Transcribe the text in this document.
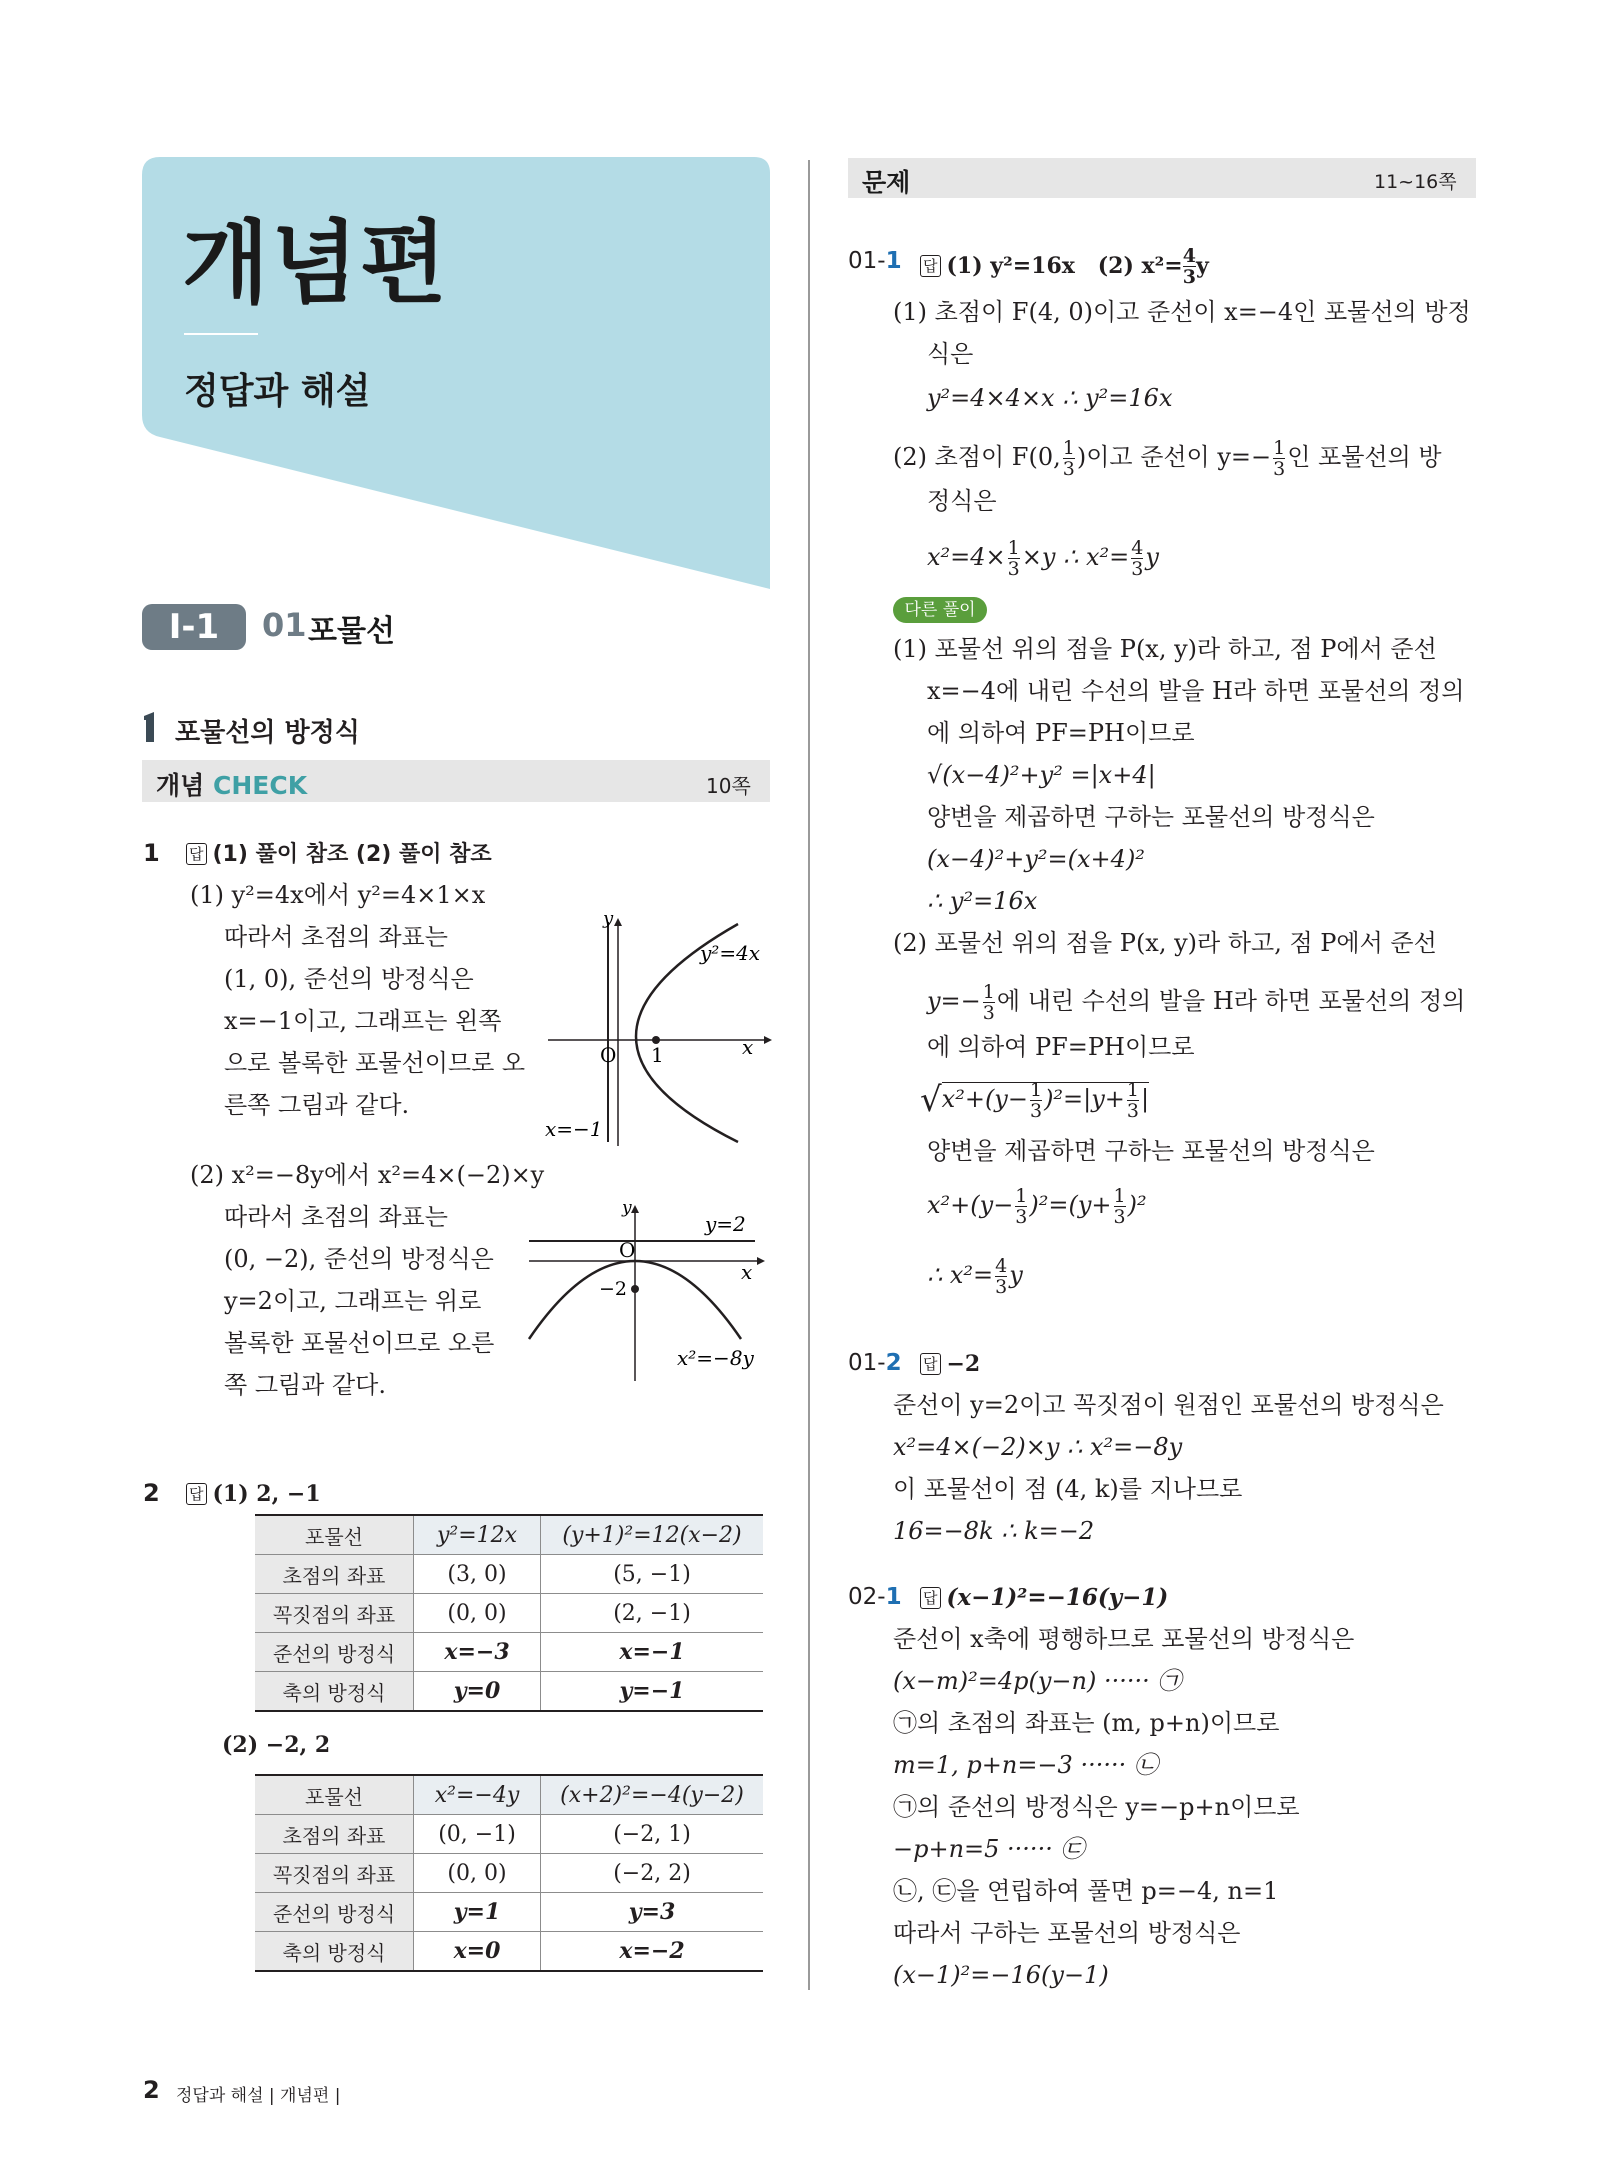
개념편
정답과 해설
Ⅰ-1	01 포물선
포물선의 방정식
개념 CHECK	10쪽
1 답 (1) 풀이 참조 (2) 풀이 참조
(1) y²=4x에서 y²=4×1×x
따라서 초점의 좌표는
(1, 0), 준선의 방정식은
x=−1이고, 그래프는 왼쪽
으로 볼록한 포물선이므로 오
른쪽 그림과 같다.
y
x
O 1
y²=4x
x=−1
(2) x²=−8y에서 x²=4×(−2)×y
따라서 초점의 좌표는
(0, −2), 준선의 방정식은
y=2이고, 그래프는 위로
볼록한 포물선이므로 오른
쪽 그림과 같다.
y
x
O
−2
y=2
x²=−8y
2 답 (1) 2, −1
포물선	y²=12x	(y+1)²=12(x−2)
초점의 좌표	(3, 0)	(5, −1)
꼭짓점의 좌표	(0, 0)	(2, −1)
준선의 방정식	x=−3	x=−1
축의 방정식	y=0	y=−1
(2) −2, 2
포물선	x²=−4y	(x+2)²=−4(y−2)
초점의 좌표	(0, −1)	(−2, 1)
꼭짓점의 좌표	(0, 0)	(−2, 2)
준선의 방정식	y=1	y=3
축의 방정식	x=0	x=−2
문제	11~16쪽
01-1 답 (1) y²=16x (2) $x^2= \frac{4}{3}$ y
(1) 초점이 F(4, 0)이고 준선이 x=−4인 포물선의 방정
식은
y²=4×4×x ∴ y²=16x
(2) 초점이 F(0, $\frac{1}{3}$ )이고 준선이 $y=- \frac{1}{3}$ 인 포물선의 방
정식은
$x^2=4\times \frac{1}{3} \times y$ ∴ $x^2= \frac{4}{3}$ y
다른 풀이
(1) 포물선 위의 점을 P(x, y)라 하고, 점 P에서 준선
x=−4에 내린 수선의 발을 H라 하면 포물선의 정의
에 의하여 PF=PH이므로
√(x−4)²+y² =|x+4|
양변을 제곱하면 구하는 포물선의 방정식은
(x−4)²+y²=(x+4)²
∴ y²=16x
(2) 포물선 위의 점을 P(x, y)라 하고, 점 P에서 준선
$y=- \frac{1}{3}$ 에 내린 수선의 발을 H라 하면 포물선의 정의
에 의하여 PF=PH이므로
$√x^2+(y- \frac{1}{3} )^2=|y+ \frac{1}{3}$ |
양변을 제곱하면 구하는 포물선의 방정식은
$x^2+(y- \frac{1}{3} )^2=(y+ \frac{1}{3} )^2$
∴ $x^2= \frac{4}{3}$ y
01-2 답 −2
준선이 y=2이고 꼭짓점이 원점인 포물선의 방정식은
x²=4×(−2)×y ∴ x²=−8y
이 포물선이 점 (4, k)를 지나므로
16=−8k ∴ k=−2
02-1 답 (x−1)²=−16(y−1)
준선이 x축에 평행하므로 포물선의 방정식은
(x−m)²=4p(y−n) ······ ㉠
㉠의 초점의 좌표는 (m, p+n)이므로
m=1, p+n=−3 ······ ㉡
㉠의 준선의 방정식은 y=−p+n이므로
−p+n=5 ······ ㉢
㉡, ㉢을 연립하여 풀면 p=−4, n=1
따라서 구하는 포물선의 방정식은
(x−1)²=−16(y−1)
2 정답과 해설 | 개념편 |
